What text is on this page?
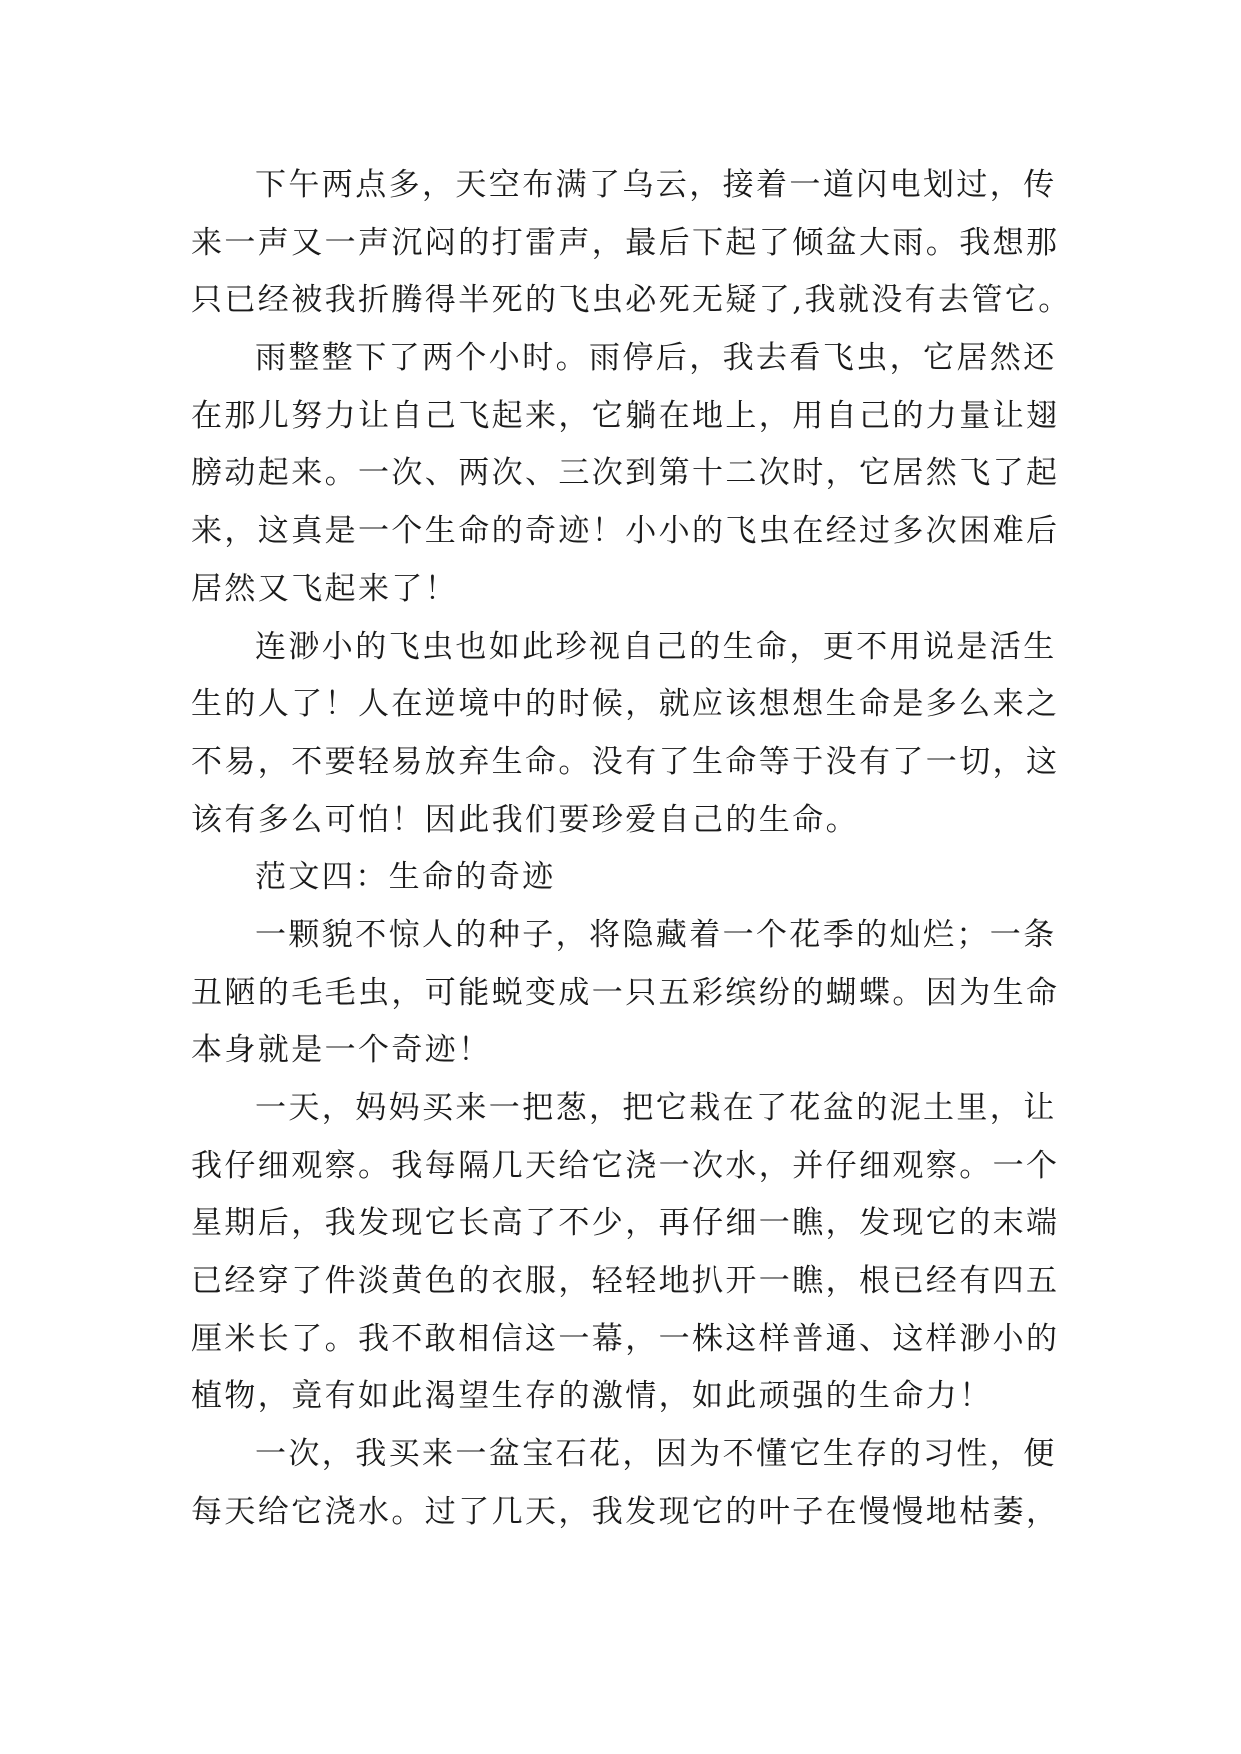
下午两点多，天空布满了乌云，接着一道闪电划过，传
来一声又一声沉闷的打雷声，最后下起了倾盆大雨。我想那
只已经被我折腾得半死的飞虫必死无疑了,我就没有去管它。
雨整整下了两个小时。雨停后，我去看飞虫，它居然还
在那儿努力让自己飞起来，它躺在地上，用自己的力量让翅
膀动起来。一次、两次、三次到第十二次时，它居然飞了起
来，这真是一个生命的奇迹！小小的飞虫在经过多次困难后
居然又飞起来了！
连渺小的飞虫也如此珍视自己的生命，更不用说是活生
生的人了！人在逆境中的时候，就应该想想生命是多么来之
不易，不要轻易放弃生命。没有了生命等于没有了一切，这
该有多么可怕！因此我们要珍爱自己的生命。
范文四：生命的奇迹
一颗貌不惊人的种子，将隐藏着一个花季的灿烂；一条
丑陋的毛毛虫，可能蜕变成一只五彩缤纷的蝴蝶。因为生命
本身就是一个奇迹！
一天，妈妈买来一把葱，把它栽在了花盆的泥土里，让
我仔细观察。我每隔几天给它浇一次水，并仔细观察。一个
星期后，我发现它长高了不少，再仔细一瞧，发现它的末端
已经穿了件淡黄色的衣服，轻轻地扒开一瞧，根已经有四五
厘米长了。我不敢相信这一幕，一株这样普通、这样渺小的
植物，竟有如此渴望生存的激情，如此顽强的生命力！
一次，我买来一盆宝石花，因为不懂它生存的习性，便
每天给它浇水。过了几天，我发现它的叶子在慢慢地枯萎，
